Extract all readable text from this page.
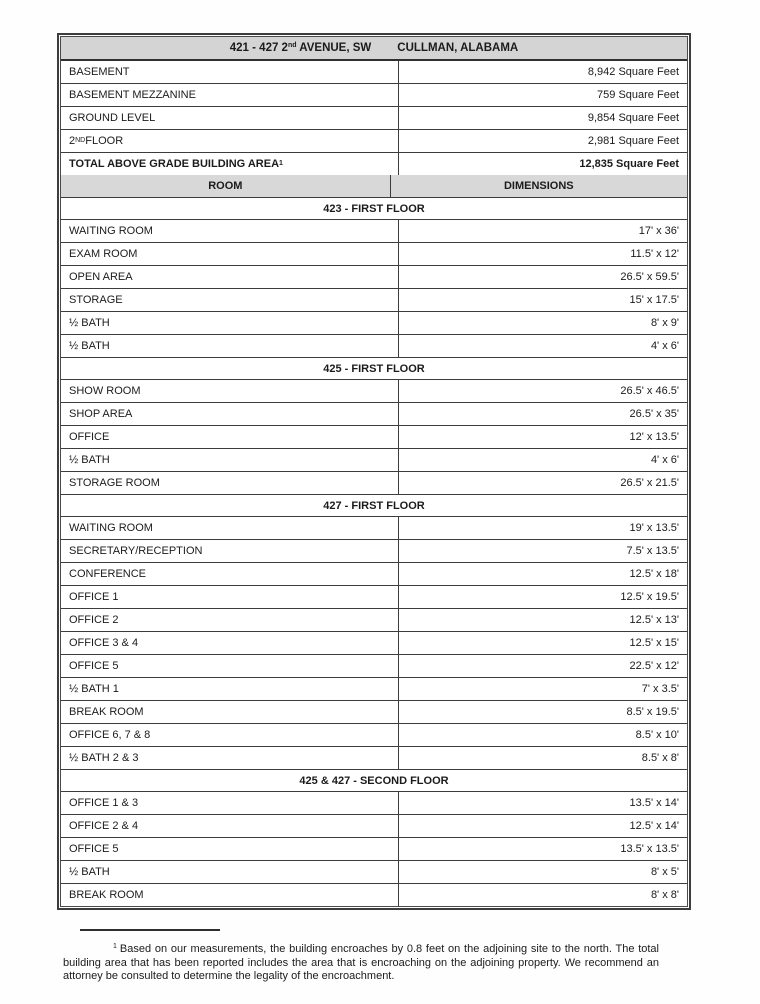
421 - 427 2nd AVENUE, SW CULLMAN, ALABAMA
BASEMENT	8,942 Square Feet
BASEMENT MEZZANINE	759 Square Feet
GROUND LEVEL	9,854 Square Feet
2 ND FLOOR	2,981 Square Feet
TOTAL ABOVE GRADE BUILDING AREA 1	12,835 Square Feet
ROOM	DIMENSIONS
423 - FIRST FLOOR
WAITING ROOM	17' x 36'
EXAM ROOM	11.5' x 12'
OPEN AREA	26.5' x 59.5'
STORAGE	15' x 17.5'
½ BATH	8' x 9'
½ BATH	4' x 6'
425 - FIRST FLOOR
SHOW ROOM	26.5' x 46.5'
SHOP AREA	26.5' x 35'
OFFICE	12' x 13.5'
½ BATH	4' x 6'
STORAGE ROOM	26.5' x 21.5'
427 - FIRST FLOOR
WAITING ROOM	19' x 13.5'
SECRETARY/RECEPTION	7.5' x 13.5'
CONFERENCE	12.5' x 18'
OFFICE 1	12.5' x 19.5'
OFFICE 2	12.5' x 13'
OFFICE 3 & 4	12.5' x 15'
OFFICE 5	22.5' x 12'
½ BATH 1	7' x 3.5'
BREAK ROOM	8.5' x 19.5'
OFFICE 6, 7 & 8	8.5' x 10'
½ BATH 2 & 3	8.5' x 8'
425 & 427 - SECOND FLOOR
OFFICE 1 & 3	13.5' x 14'
OFFICE 2 & 4	12.5' x 14'
OFFICE 5	13.5' x 13.5'
½ BATH	8' x 5'
BREAK ROOM	8' x 8'
$^1$ Based on our measurements, the building encroaches by 0.8 feet on the adjoining site to the north. The total building area that has been reported includes the area that is encroaching on the adjoining property. We recommend an attorney be consulted to determine the legality of the encroachment.
